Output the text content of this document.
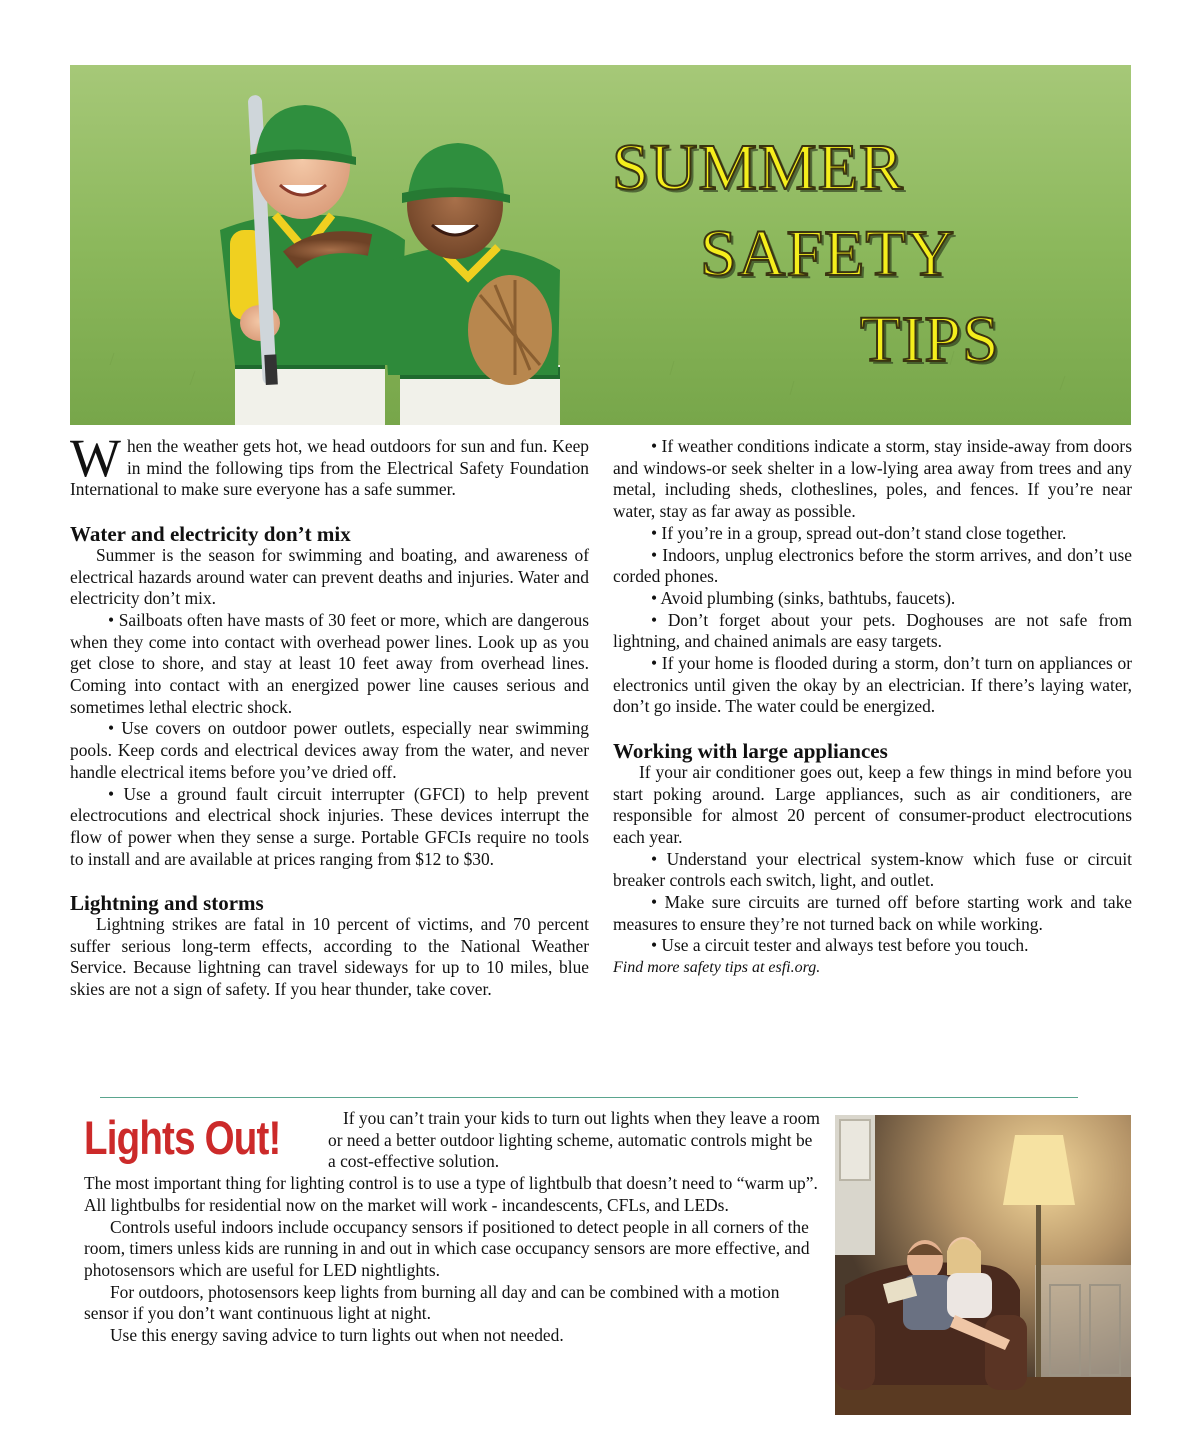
SUMMER
SAFETY
TIPS

When the weather gets hot, we head outdoors for sun and fun. Keep in mind the following tips from the Electrical Safety Foundation International to make sure everyone has a safe summer.

Water and electricity don’t mix

Summer is the season for swimming and boating, and awareness of electrical hazards around water can prevent deaths and injuries. Water and electricity don’t mix.

• Sailboats often have masts of 30 feet or more, which are dangerous when they come into contact with overhead power lines. Look up as you get close to shore, and stay at least 10 feet away from overhead lines. Coming into contact with an energized power line causes serious and sometimes lethal electric shock.

• Use covers on outdoor power outlets, especially near swimming pools. Keep cords and electrical devices away from the water, and never handle electrical items before you’ve dried off.

• Use a ground fault circuit interrupter (GFCI) to help prevent electrocutions and electrical shock injuries. These devices interrupt the flow of power when they sense a surge. Portable GFCIs require no tools to install and are available at prices ranging from $12 to $30.

Lightning and storms

Lightning strikes are fatal in 10 percent of victims, and 70 percent suffer serious long-term effects, according to the National Weather Service. Because lightning can travel sideways for up to 10 miles, blue skies are not a sign of safety. If you hear thunder, take cover.

• If weather conditions indicate a storm, stay inside-away from doors and windows-or seek shelter in a low-lying area away from trees and any metal, including sheds, clotheslines, poles, and fences. If you’re near water, stay as far away as possible.

• If you’re in a group, spread out-don’t stand close together.

• Indoors, unplug electronics before the storm arrives, and don’t use corded phones.

• Avoid plumbing (sinks, bathtubs, faucets).

• Don’t forget about your pets. Doghouses are not safe from lightning, and chained animals are easy targets.

• If your home is flooded during a storm, don’t turn on appliances or electronics until given the okay by an electrician. If there’s laying water, don’t go inside. The water could be energized.

Working with large appliances

If your air conditioner goes out, keep a few things in mind before you start poking around. Large appliances, such as air conditioners, are responsible for almost 20 percent of consumer-product electrocutions each year.

• Understand your electrical system-know which fuse or circuit breaker controls each switch, light, and outlet.

• Make sure circuits are turned off before starting work and take measures to ensure they’re not turned back on while working.

• Use a circuit tester and always test before you touch.

Find more safety tips at esfi.org.

Lights Out!	If you can’t train your kids to turn out lights when they leave a room or need a better outdoor lighting scheme, automatic controls might be a cost-effective solution.

The most important thing for lighting control is to use a type of lightbulb that doesn’t need to “warm up”. All lightbulbs for residential now on the market will work - incandescents, CFLs, and LEDs.

Controls useful indoors include occupancy sensors if positioned to detect people in all corners of the room, timers unless kids are running in and out in which case occupancy sensors are more effective, and photosensors which are useful for LED nightlights.

For outdoors, photosensors keep lights from burning all day and can be combined with a motion sensor if you don’t want continuous light at night.

Use this energy saving advice to turn lights out when not needed.
